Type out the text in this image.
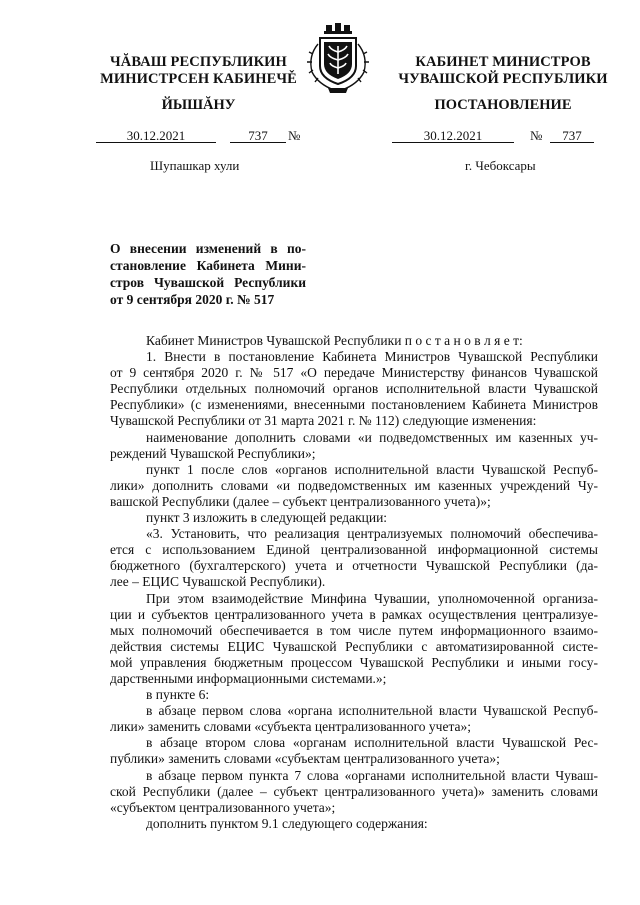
ЧĂВАШ РЕСПУБЛИКИН
МИНИСТРСЕН КАБИНЕЧĚ
ЙЫШĂНУ
КАБИНЕТ МИНИСТРОВ
ЧУВАШСКОЙ РЕСПУБЛИКИ
ПОСТАНОВЛЕНИЕ
30.12.2021	737	№	30.12.2021	№	737
Шупашкар хули	г. Чебоксары
О внесении изменений в по-
становление Кабинета Мини-
стров Чувашской Республики
от 9 сентября 2020 г. № 517
Кабинет Министров Чувашской Республики п о с т а н о в л я е т:
1. Внести в постановление Кабинета Министров Чувашской Республики
от 9 сентября 2020 г. № 517 «О передаче Министерству финансов Чувашской
Республики отдельных полномочий органов исполнительной власти Чувашской
Республики» (с изменениями, внесенными постановлением Кабинета Министров
Чувашской Республики от 31 марта 2021 г. № 112) следующие изменения:
наименование дополнить словами «и подведомственных им казенных уч-
реждений Чувашской Республики»;
пункт 1 после слов «органов исполнительной власти Чувашской Респуб-
лики» дополнить словами «и подведомственных им казенных учреждений Чу-
вашской Республики (далее – субъект централизованного учета)»;
пункт 3 изложить в следующей редакции:
«3. Установить, что реализация централизуемых полномочий обеспечива-
ется с использованием Единой централизованной информационной системы
бюджетного (бухгалтерского) учета и отчетности Чувашской Республики (да-
лее – ЕЦИС Чувашской Республики).
При этом взаимодействие Минфина Чувашии, уполномоченной организа-
ции и субъектов централизованного учета в рамках осуществления централизуе-
мых полномочий обеспечивается в том числе путем информационного взаимо-
действия системы ЕЦИС Чувашской Республики с автоматизированной систе-
мой управления бюджетным процессом Чувашской Республики и иными госу-
дарственными информационными системами.»;
в пункте 6:
в абзаце первом слова «органа исполнительной власти Чувашской Респуб-
лики» заменить словами «субъекта централизованного учета»;
в абзаце втором слова «органам исполнительной власти Чувашской Рес-
публики» заменить словами «субъектам централизованного учета»;
в абзаце первом пункта 7 слова «органами исполнительной власти Чуваш-
ской Республики (далее – субъект централизованного учета)» заменить словами
«субъектом централизованного учета»;
дополнить пунктом 9.1 следующего содержания:
